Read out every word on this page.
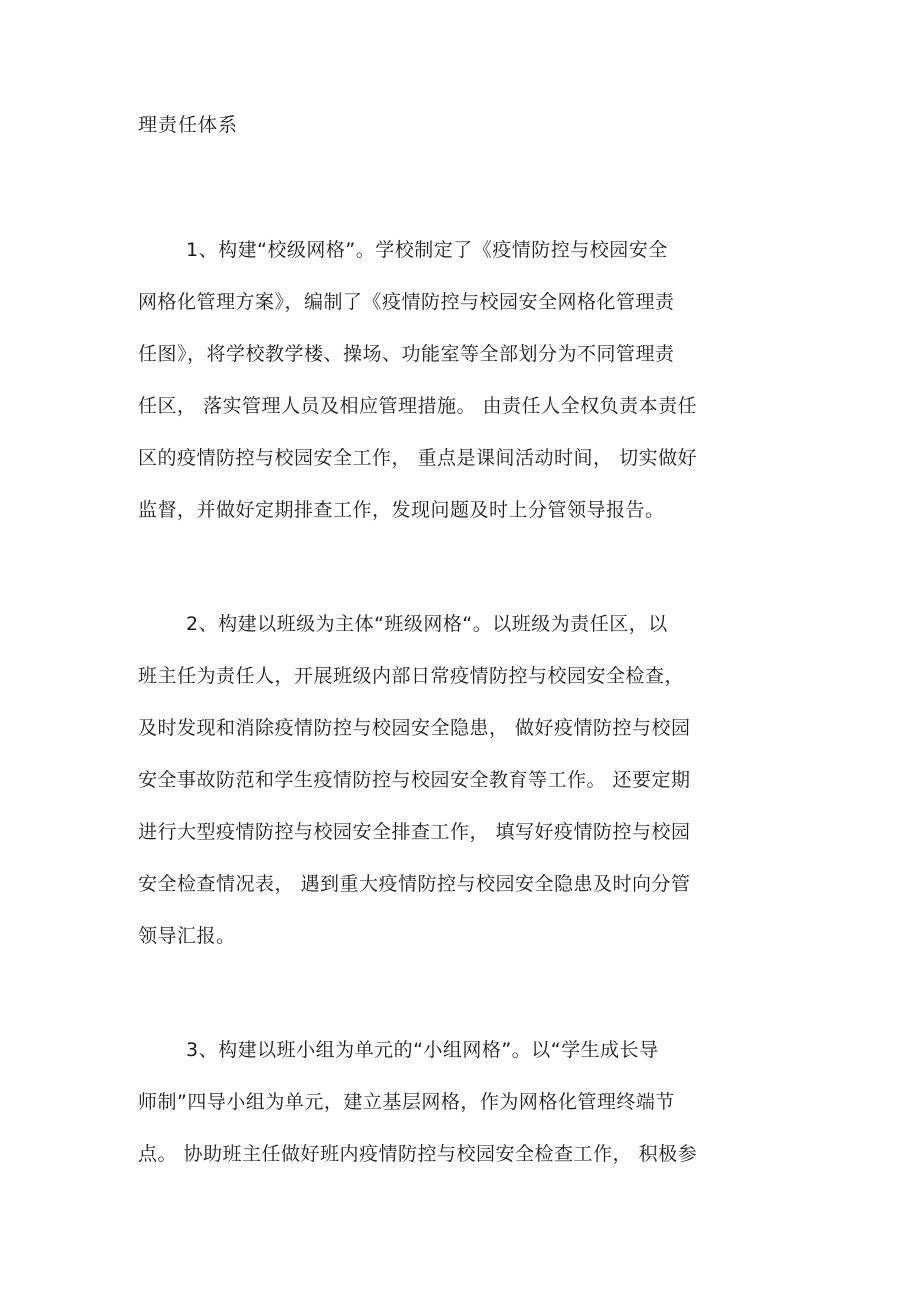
理责任体系
1、构建“校级网格”。学校制定了《疫情防控与校园安全
网格化管理方案》，编制了《疫情防控与校园安全网格化管理责
任图》，将学校教学楼、操场、功能室等全部划分为不同管理责
任区， 落实管理人员及相应管理措施。 由责任人全权负责本责任
区的疫情防控与校园安全工作， 重点是课间活动时间， 切实做好
监督，并做好定期排查工作，发现问题及时上分管领导报告。
2、构建以班级为主体“班级网格“。以班级为责任区，以
班主任为责任人，开展班级内部日常疫情防控与校园安全检查，
及时发现和消除疫情防控与校园安全隐患， 做好疫情防控与校园
安全事故防范和学生疫情防控与校园安全教育等工作。 还要定期
进行大型疫情防控与校园安全排查工作， 填写好疫情防控与校园
安全检查情况表， 遇到重大疫情防控与校园安全隐患及时向分管
领导汇报。
3、构建以班小组为单元的“小组网格”。以“学生成长导
师制”四导小组为单元，建立基层网格，作为网格化管理终端节
点。 协助班主任做好班内疫情防控与校园安全检查工作， 积极参
